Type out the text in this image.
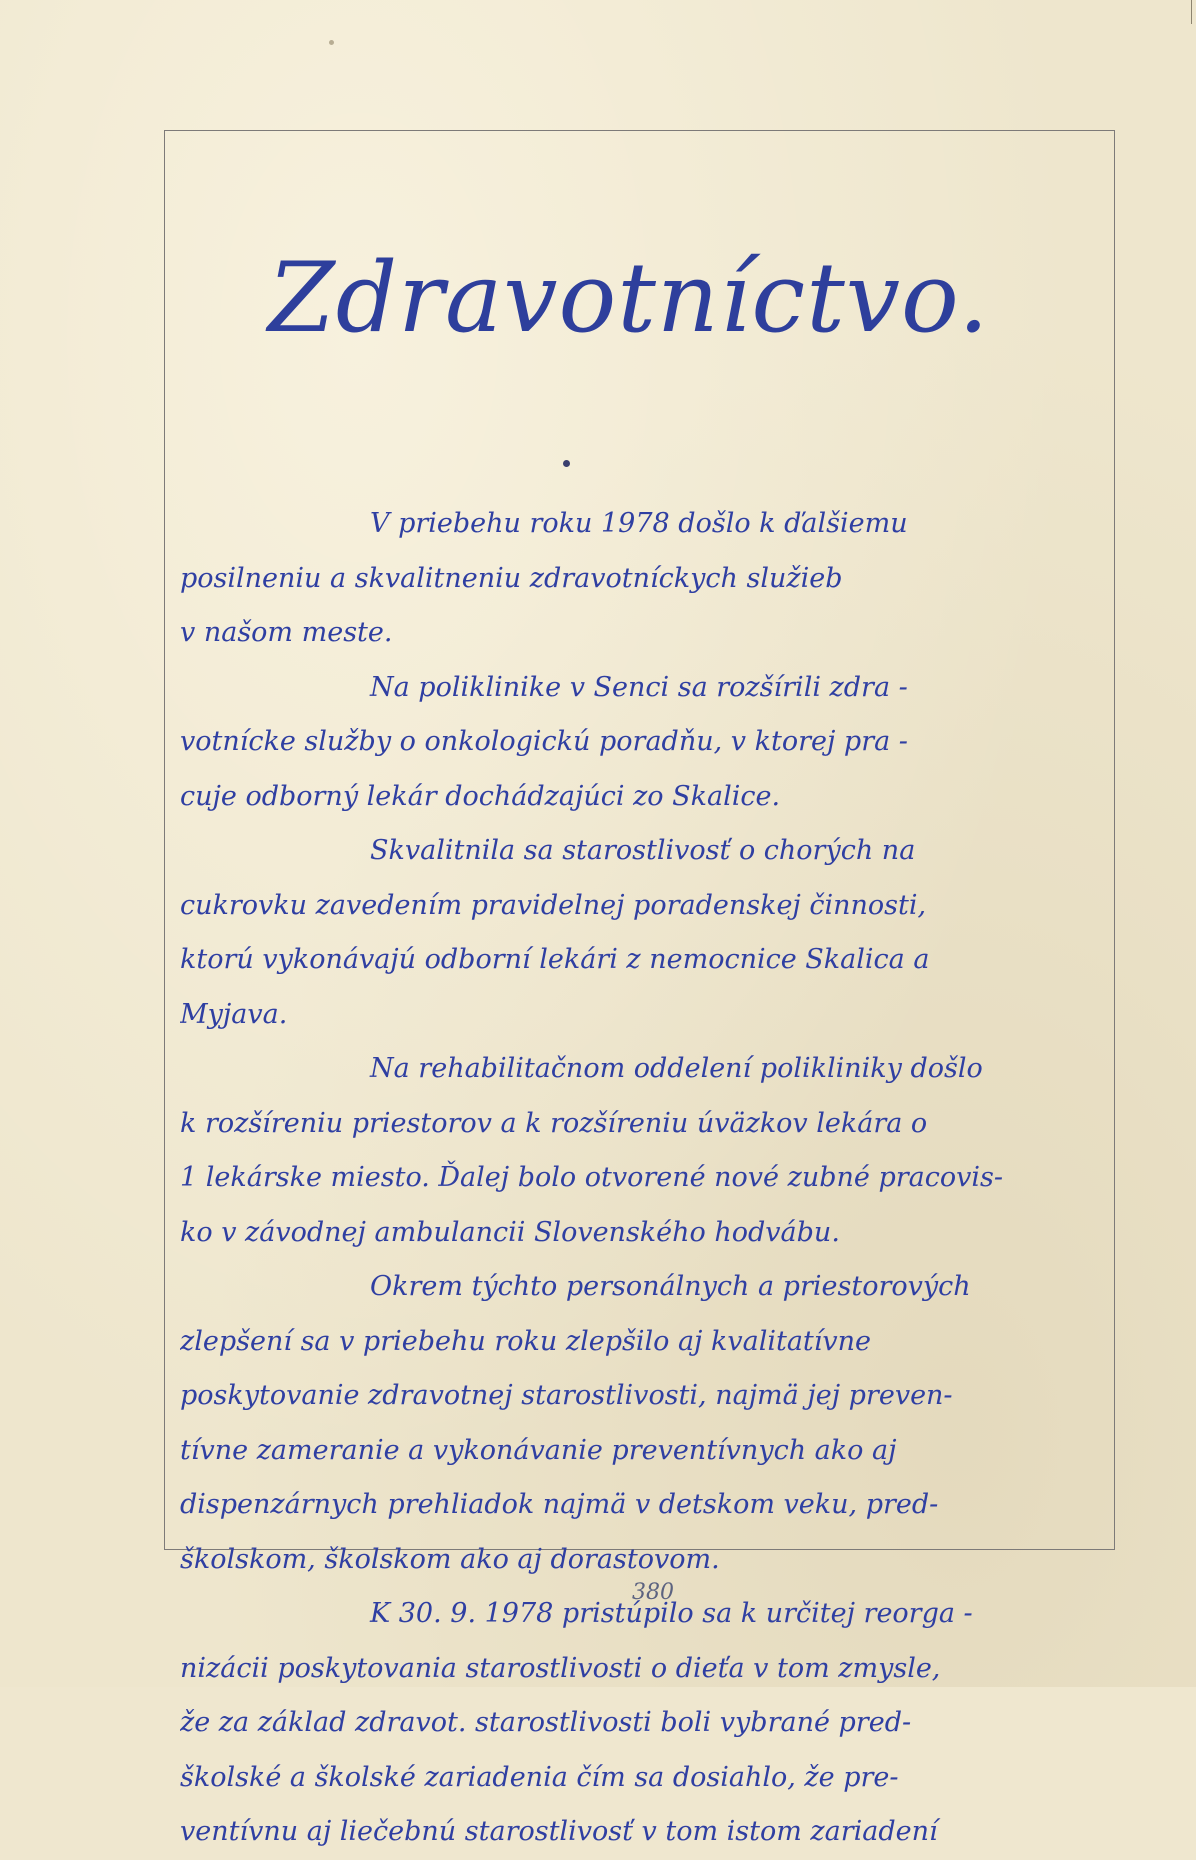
Zdravotníctvo.
V priebehu roku 1978 došlo k ďalšiemu
posilneniu a skvalitneniu zdravotníckych služieb
v našom meste.
Na poliklinike v Senci sa rozšírili zdra -
votnícke služby o onkologickú poradňu, v ktorej pra -
cuje odborný lekár dochádzajúci zo Skalice.
Skvalitnila sa starostlivosť o chorých na
cukrovku zavedením pravidelnej poradenskej činnosti,
ktorú vykonávajú odborní lekári z nemocnice Skalica a
Myjava.
Na rehabilitačnom oddelení polikliniky došlo
k rozšíreniu priestorov a k rozšíreniu úväzkov lekára o
1 lekárske miesto. Ďalej bolo otvorené nové zubné pracovis-
ko v závodnej ambulancii Slovenského hodvábu.
Okrem týchto personálnych a priestorových
zlepšení sa v priebehu roku zlepšilo aj kvalitatívne
poskytovanie zdravotnej starostlivosti, najmä jej preven-
tívne zameranie a vykonávanie preventívnych ako aj
dispenzárnych prehliadok najmä v detskom veku, pred-
školskom, školskom ako aj dorastovom.
K 30. 9. 1978 pristúpilo sa k určitej reorga -
nizácii poskytovania starostlivosti o dieťa v tom zmysle,
že za základ zdravot. starostlivosti boli vybrané pred-
školské a školské zariadenia čím sa dosiahlo, že pre-
ventívnu aj liečebnú starostlivosť v tom istom zariadení
380
